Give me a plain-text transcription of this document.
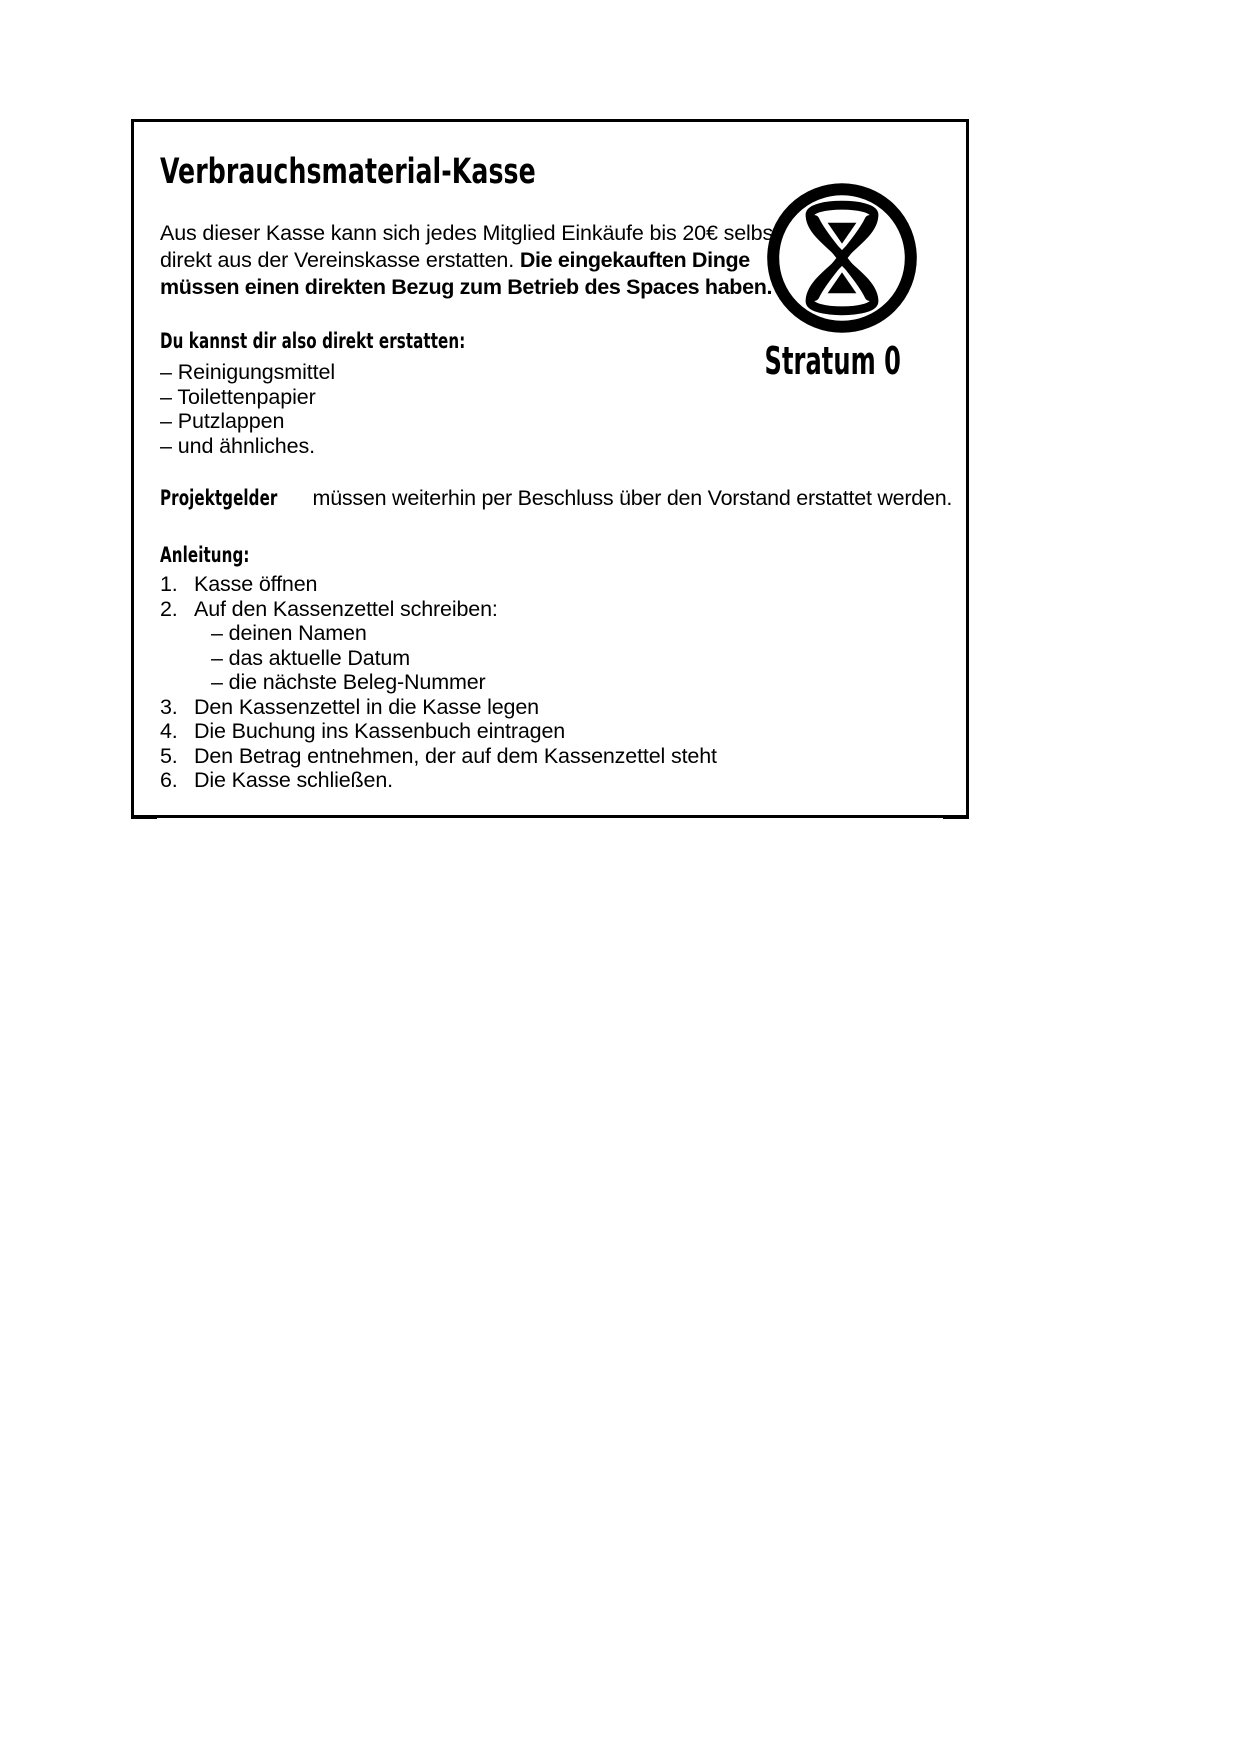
Verbrauchsmaterial-Kasse

Aus dieser Kasse kann sich jedes Mitglied Einkäufe bis 20€ selbst direkt aus der Vereinskasse erstatten. Die eingekauften Dinge müssen einen direkten Bezug zum Betrieb des Spaces haben.

Du kannst dir also direkt erstatten:
– Reinigungsmittel
– Toilettenpapier
– Putzlappen
– und ähnliches.

Projektgelder müssen weiterhin per Beschluss über den Vorstand erstattet werden.

Anleitung:
1. Kasse öffnen
2. Auf den Kassenzettel schreiben:
– deinen Namen
– das aktuelle Datum
– die nächste Beleg-Nummer
3. Den Kassenzettel in die Kasse legen
4. Die Buchung ins Kassenbuch eintragen
5. Den Betrag entnehmen, der auf dem Kassenzettel steht
6. Die Kasse schließen.
Stratum 0
